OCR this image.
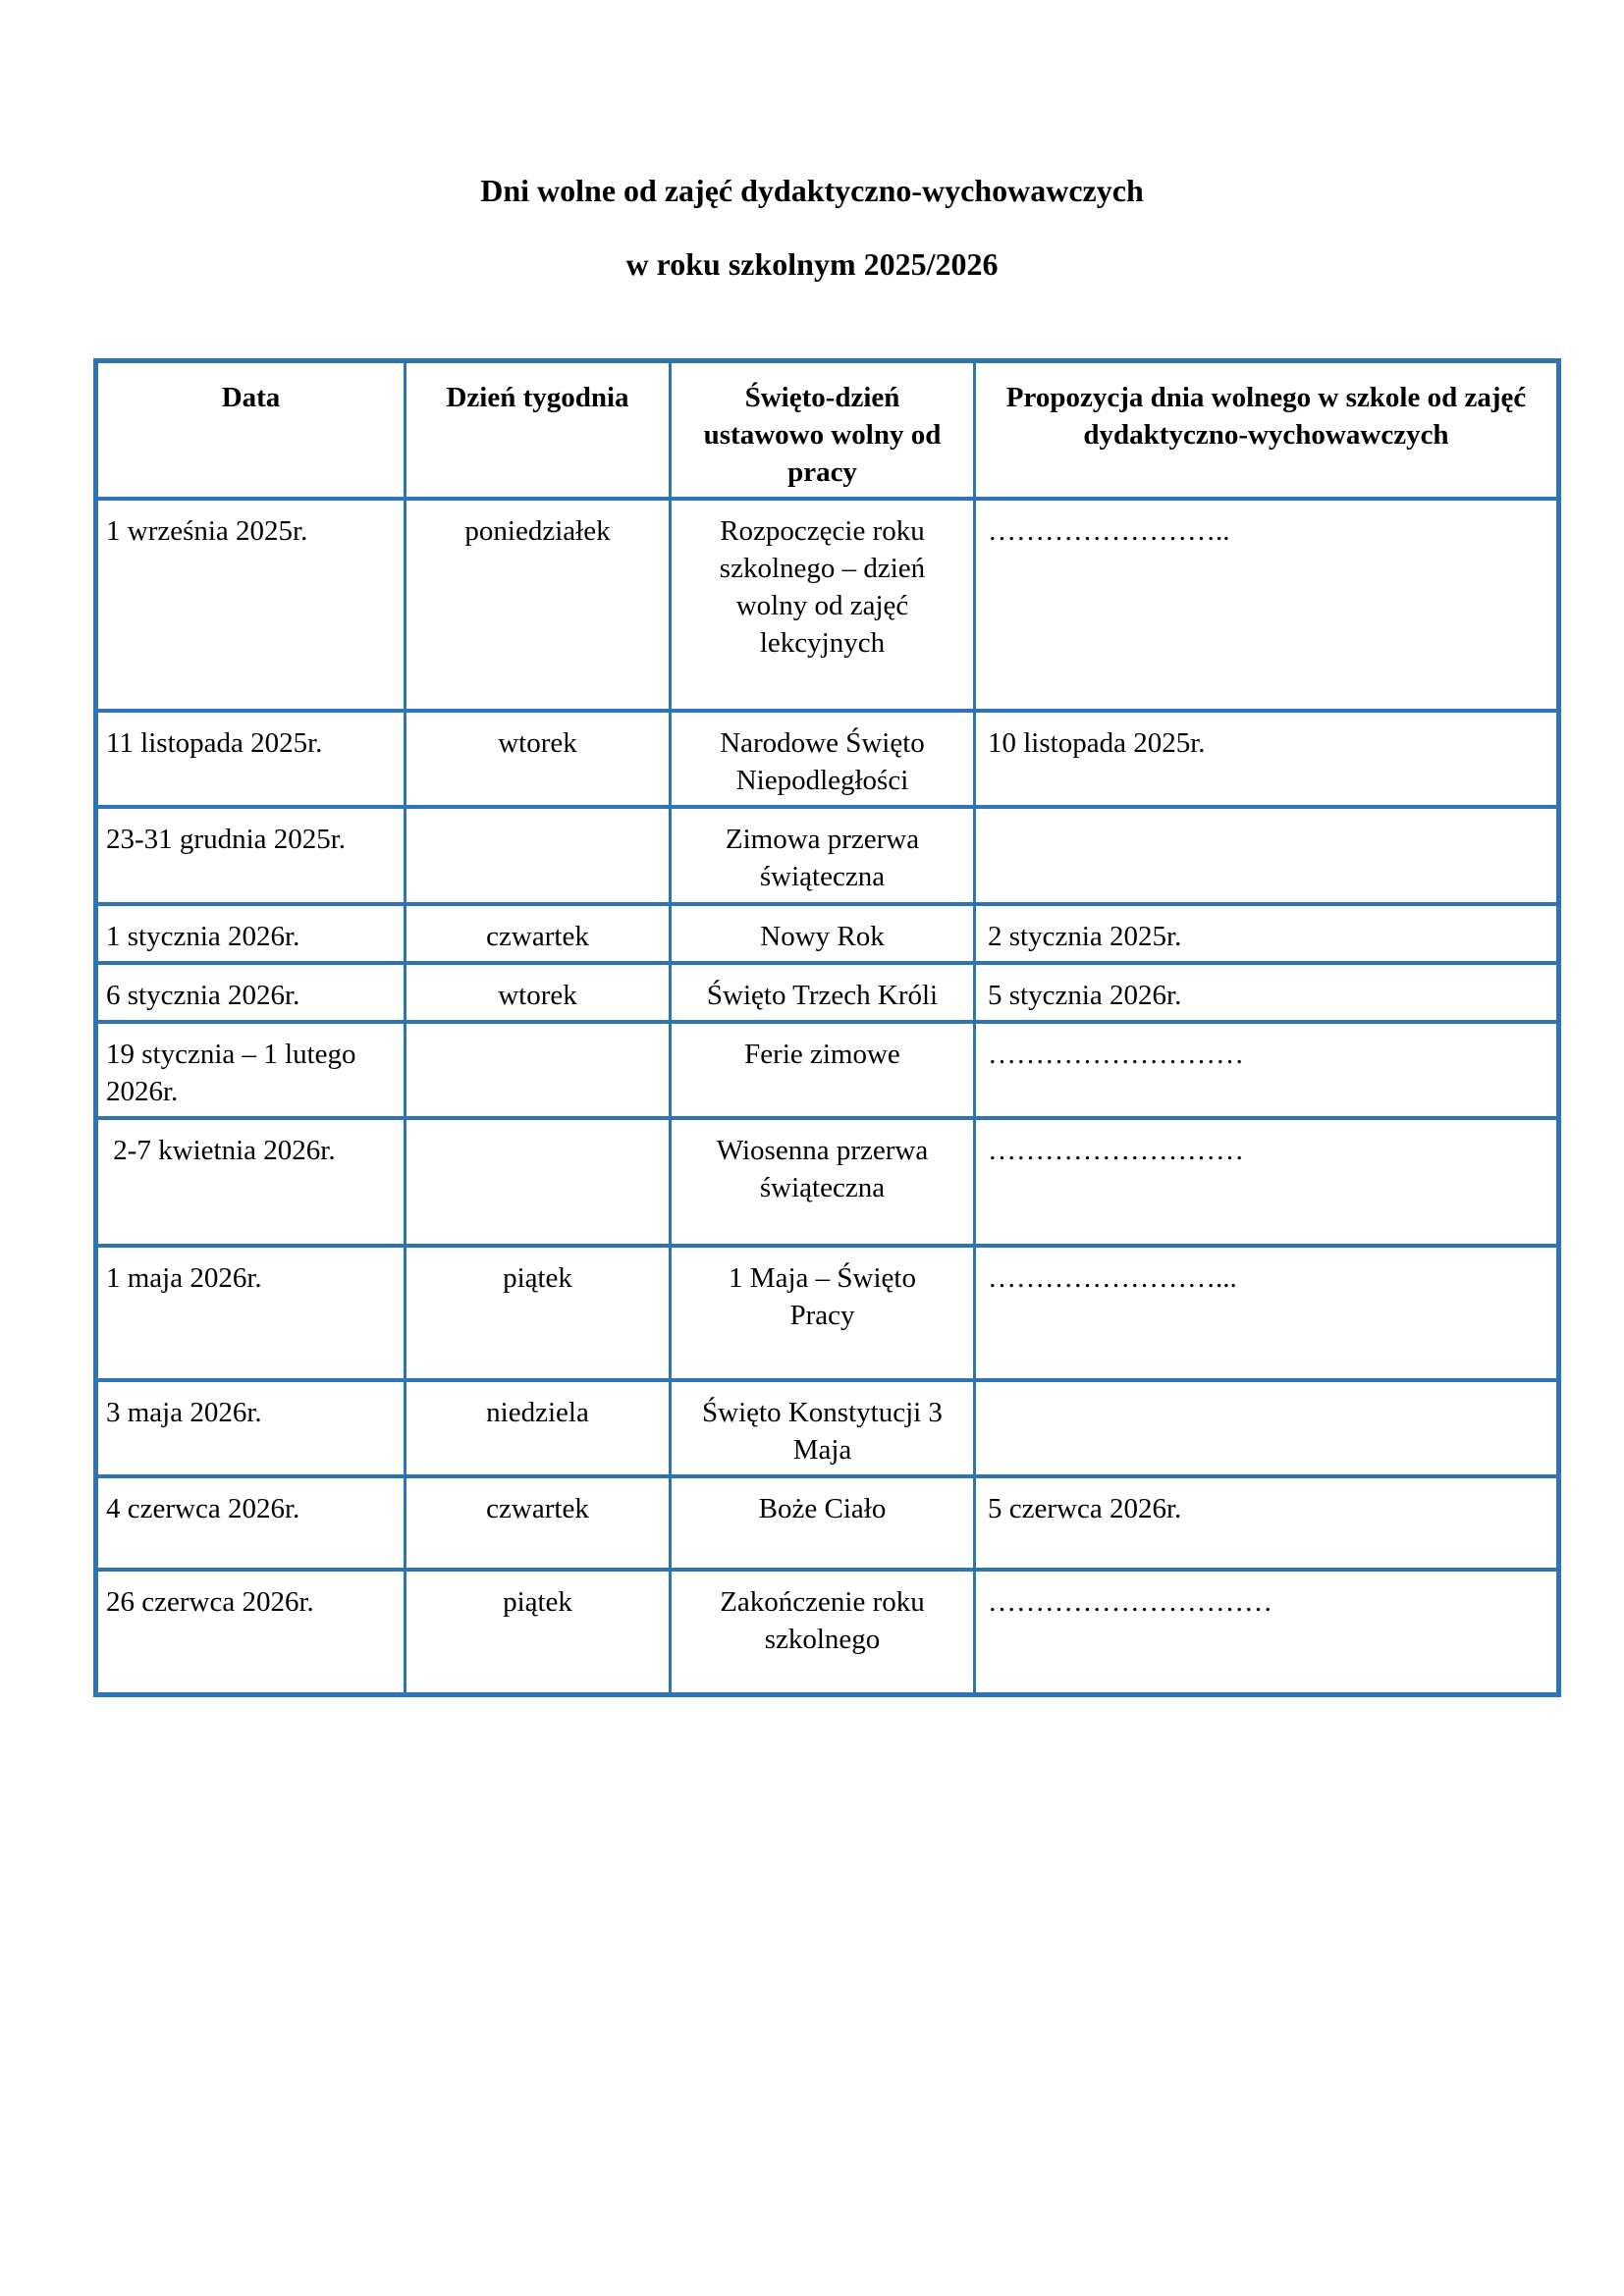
Dni wolne od zajęć dydaktyczno-wychowawczych
w roku szkolnym 2025/2026
Data	Dzień tygodnia	Święto-dzień ustawowo wolny od pracy	Propozycja dnia wolnego w szkole od zajęć dydaktyczno-wychowawczych
1 września 2025r.	poniedziałek	Rozpoczęcie roku szkolnego – dzień wolny od zajęć lekcyjnych	……………………..
11 listopada 2025r.	wtorek	Narodowe Święto Niepodległości	10 listopada 2025r.
23-31 grudnia 2025r.		Zimowa przerwa świąteczna	
1 stycznia 2026r.	czwartek	Nowy Rok	2 stycznia 2025r.
6 stycznia 2026r.	wtorek	Święto Trzech Króli	5 stycznia 2026r.
19 stycznia – 1 lutego 2026r.		Ferie zimowe	………………………
2-7 kwietnia 2026r.		Wiosenna przerwa świąteczna	………………………
1 maja 2026r.	piątek	1 Maja – Święto Pracy	……………………...
3 maja 2026r.	niedziela	Święto Konstytucji 3 Maja	
4 czerwca 2026r.	czwartek	Boże Ciało	5 czerwca 2026r.
26 czerwca 2026r.	piątek	Zakończenie roku szkolnego	…………………………
